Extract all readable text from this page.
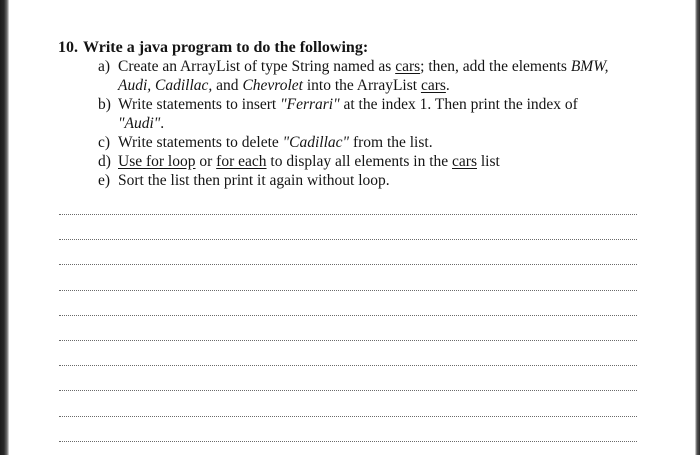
10. Write a java program to do the following:

a) Create an ArrayList of type String named as cars; then, add the elements BMW,
Audi, Cadillac, and Chevrolet into the ArrayList cars.
b) Write statements to insert "Ferrari" at the index 1. Then print the index of
"Audi".
c) Write statements to delete "Cadillac" from the list.
d) Use for loop or for each to display all elements in the cars list
e) Sort the list then print it again without loop.
